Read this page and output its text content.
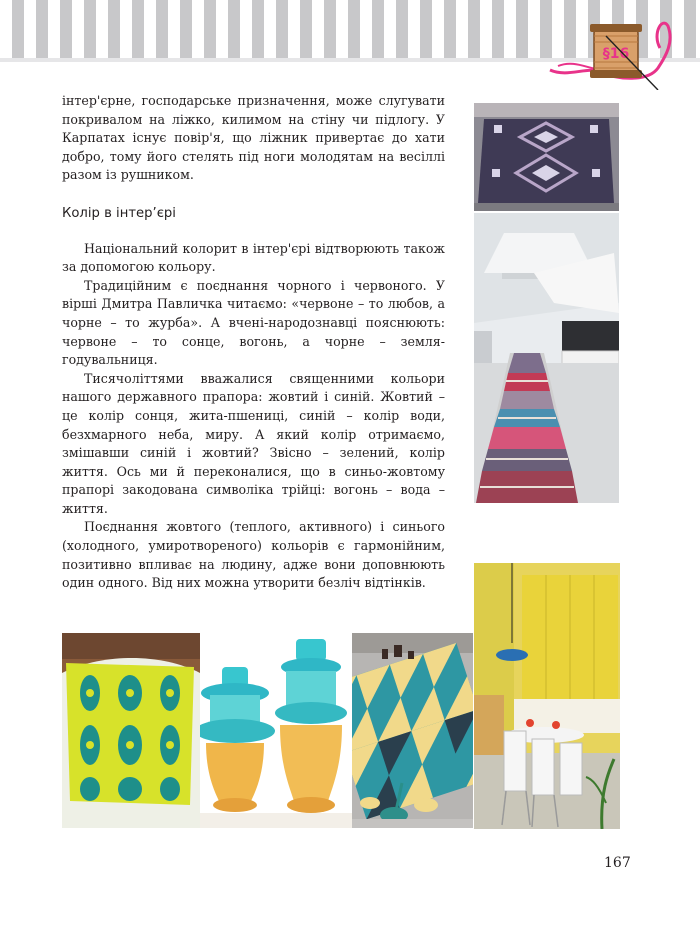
§16

інтер'єрне, господарське призначення, може слугувати покривалом на ліжко, килимом на стіну чи підлогу. У Карпатах існує повір'я, що ліжник привертає до хати добро, тому його стелять під ноги молодятам на весіллі разом із рушником.

Колір в інтер’єрі

Національний колорит в інтер'єрі відтворюють також за допомогою кольору.

Традиційним є поєднання чорного і червоного. У вірші Дмитра Павличка читаємо: «червоне – то любов, а чорне – то журба». А вчені-народознавці пояснюють: червоне – то сонце, вогонь, а чорне – земля-годувальниця.

Тисячоліттями вважалися священними кольори нашого державного прапора: жовтий і синій. Жовтий – це колір сонця, жита-пшениці, синій – колір води, безхмарного неба, миру. А який колір отримаємо, змішавши синій і жовтий? Звісно – зелений, колір життя. Ось ми й переконалися, що в синьо-жовтому прапорі закодована символіка трійці: вогонь – вода – життя.

Поєднання жовтого (теплого, активного) і синього (холодного, умиротвореного) кольорів є гармонійним, позитивно впливає на людину, адже вони доповнюють один одного. Від них можна утворити безліч відтінків.

167
